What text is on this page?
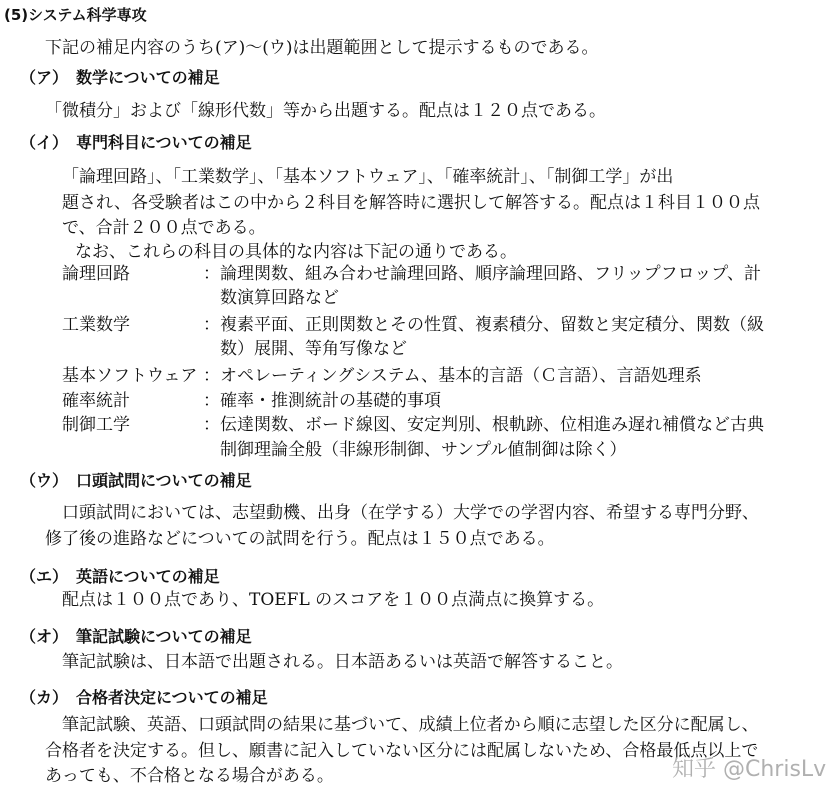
(5)システム科学専攻
下記の補足内容のうち(ア)～(ウ)は出題範囲として提示するものである。
（ア）　数学についての補足
「微積分」および「線形代数」等から出題する。配点は１２０点である。
（イ）　専門科目についての補足
「論理回路」、「工業数学」、「基本ソフトウェア」、「確率統計」、「制御工学」が出
題され、各受験者はこの中から２科目を解答時に選択して解答する。配点は１科目１００点
で、合計２００点である。
なお、これらの科目の具体的な内容は下記の通りである。
論理回路	：論理関数、組み合わせ論理回路、順序論理回路、フリップフロップ、計
数演算回路など
工業数学	：複素平面、正則関数とその性質、複素積分、留数と実定積分、関数（級
数）展開、等角写像など
基本ソフトウェア ：オペレーティングシステム、基本的言語（Ｃ言語）、言語処理系
確率統計	：確率・推測統計の基礎的事項
制御工学	：伝達関数、ボード線図、安定判別、根軌跡、位相進み遅れ補償など古典
制御理論全般（非線形制御、サンプル値制御は除く）
（ウ）　口頭試問についての補足
口頭試問においては、志望動機、出身（在学する）大学での学習内容、希望する専門分野、
修了後の進路などについての試問を行う。配点は１５０点である。
（エ）　英語についての補足
配点は１００点であり、TOEFL のスコアを１００点満点に換算する。
（オ）　筆記試験についての補足
筆記試験は、日本語で出題される。日本語あるいは英語で解答すること。
（カ）　合格者決定についての補足
筆記試験、英語、口頭試問の結果に基づいて、成績上位者から順に志望した区分に配属し、
合格者を決定する。但し、願書に記入していない区分には配属しないため、合格最低点以上で
あっても、不合格となる場合がある。	知乎 @ChrisLv
